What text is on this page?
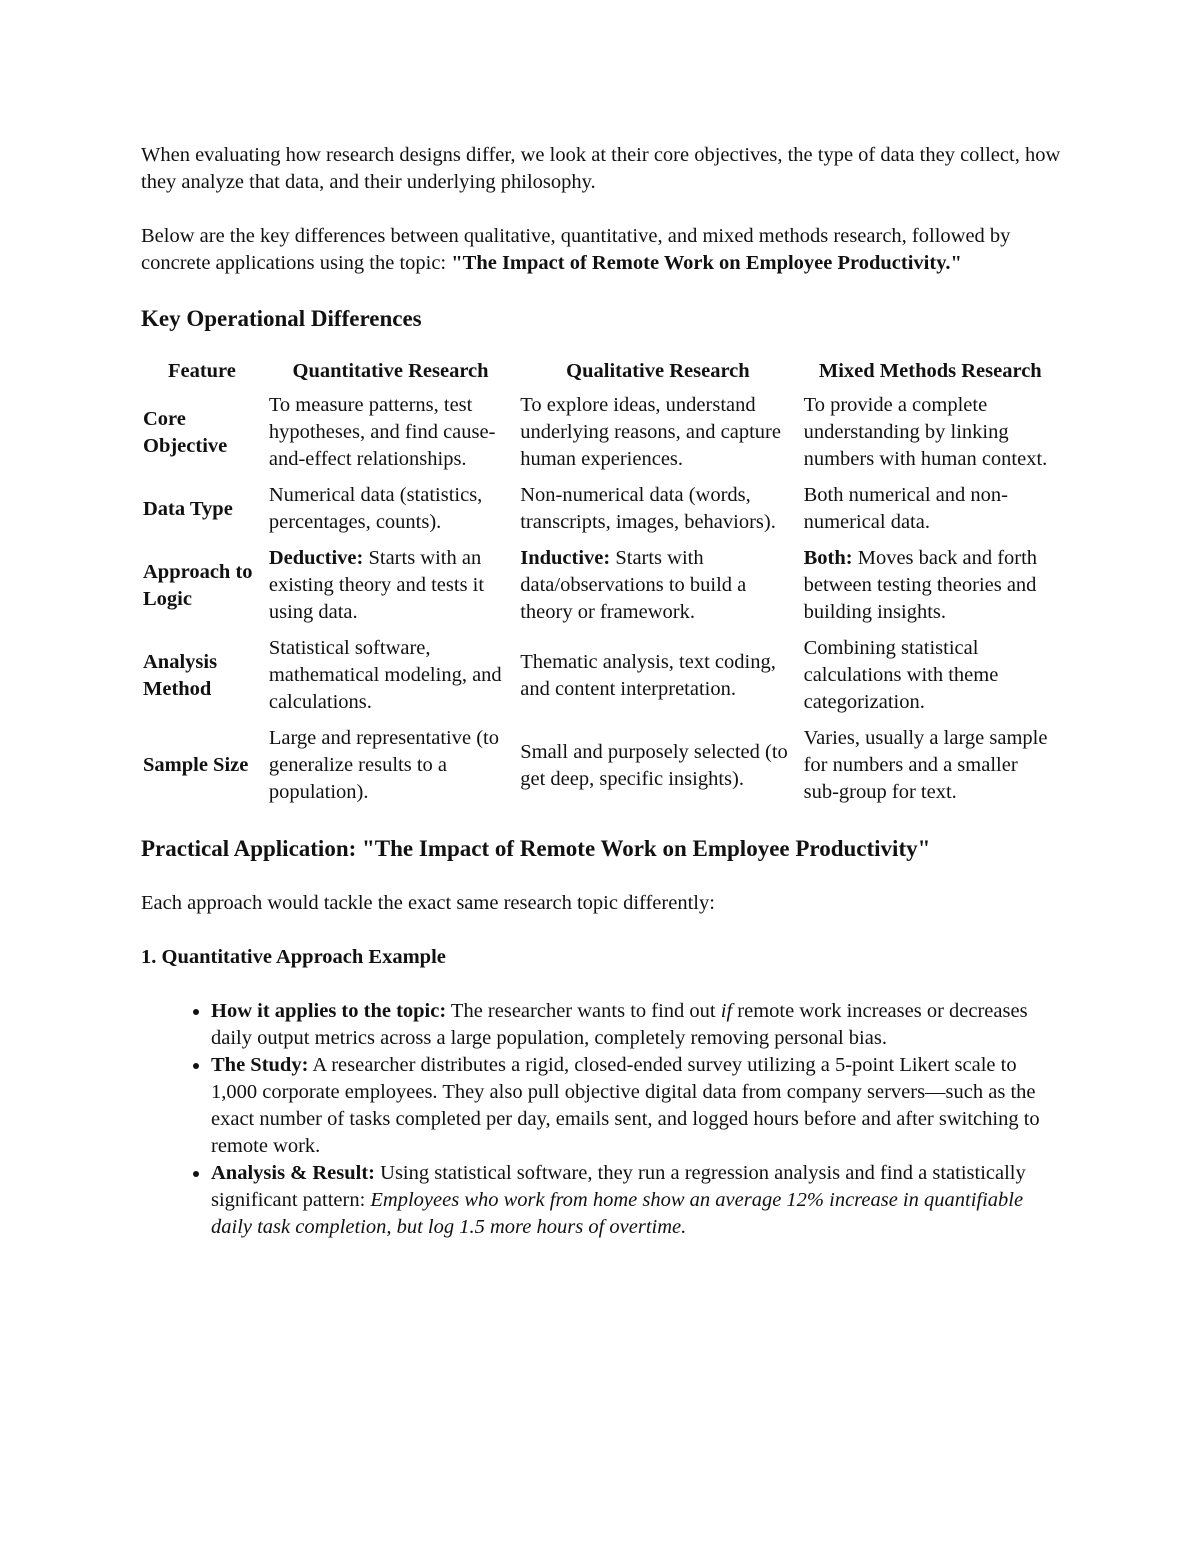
When evaluating how research designs differ, we look at their core objectives, the type of data they collect, how they analyze that data, and their underlying philosophy.

Below are the key differences between qualitative, quantitative, and mixed methods research, followed by concrete applications using the topic: "The Impact of Remote Work on Employee Productivity."

Key Operational Differences
Feature	Quantitative Research	Qualitative Research	Mixed Methods Research
Core Objective	To measure patterns, test hypotheses, and find cause-and-effect relationships.	To explore ideas, understand underlying reasons, and capture human experiences.	To provide a complete understanding by linking numbers with human context.
Data Type	Numerical data (statistics, percentages, counts).	Non-numerical data (words, transcripts, images, behaviors).	Both numerical and non-numerical data.
Approach to Logic	Deductive: Starts with an existing theory and tests it using data.	Inductive: Starts with data/observations to build a theory or framework.	Both: Moves back and forth between testing theories and building insights.
Analysis Method	Statistical software, mathematical modeling, and calculations.	Thematic analysis, text coding, and content interpretation.	Combining statistical calculations with theme categorization.
Sample Size	Large and representative (to generalize results to a population).	Small and purposely selected (to get deep, specific insights).	Varies, usually a large sample for numbers and a smaller sub-group for text.
Practical Application: "The Impact of Remote Work on Employee Productivity"

Each approach would tackle the exact same research topic differently:

1. Quantitative Approach Example
• How it applies to the topic: The researcher wants to find out if remote work increases or decreases daily output metrics across a large population, completely removing personal bias.
• The Study: A researcher distributes a rigid, closed-ended survey utilizing a 5-point Likert scale to 1,000 corporate employees. They also pull objective digital data from company servers—such as the exact number of tasks completed per day, emails sent, and logged hours before and after switching to remote work.
• Analysis & Result: Using statistical software, they run a regression analysis and find a statistically significant pattern: Employees who work from home show an average 12% increase in quantifiable daily task completion, but log 1.5 more hours of overtime.
